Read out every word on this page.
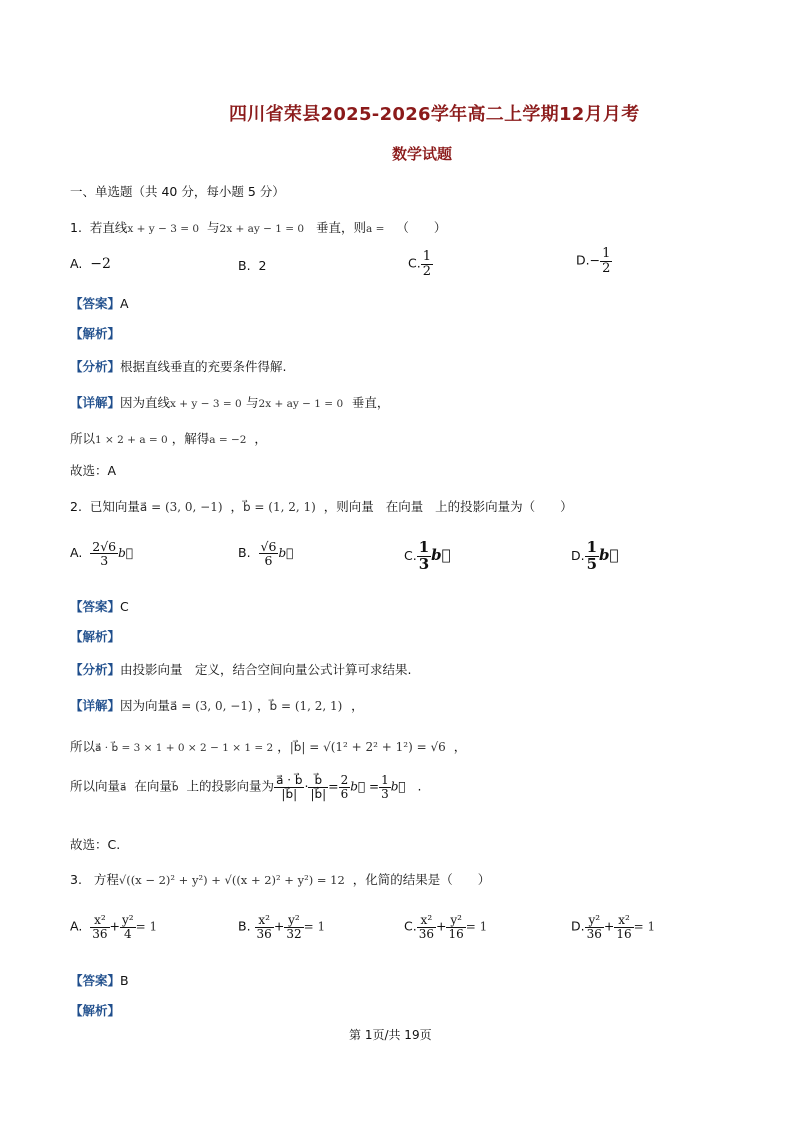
四川省荣县2025-2026学年高二上学期12月月考
数学试题
一、单选题（共 40 分，每小题 5 分）
1. 若直线x + y − 3 = 0 与2x + ay − 1 = 0 垂直，则a = （　　）
A. −2	B. 2	C. $\frac{1}{2}$	$D.- \frac{1}{2}$
【答案】A
【解析】
【分析】根据直线垂直的充要条件得解.
【详解】因为直线x + y − 3 = 0 与2x + ay − 1 = 0 垂直，
所以1 × 2 + a = 0 ，解得a = −2 ，
故选：A
2. 已知向量a⃗ = (3, 0, −1) ，b⃗ = (1, 2, 1) ，则向量 在向量 上的投影向量为（　　）
A. $\frac{2√6}{3}$ b⃗	B. $\frac{√6}{6}$ b⃗	C. $\frac{1}{3}$ b⃗	D. $\frac{1}{5}$ b⃗
【答案】C
【解析】
【分析】由投影向量　定义，结合空间向量公式计算可求结果.
【详解】因为向量a⃗ = (3, 0, −1) ，b⃗ = (1, 2, 1) ，
所以a⃗ · b⃗ = 3 × 1 + 0 × 2 − 1 × 1 = 2 ，|b⃗| = √(1² + 2² + 1²) = √6 ，
所以向量a⃗ 在向量b⃗ 上的投影向量为 $\frac{a⃗ \cdot b⃗}{|b⃗|} \cdot \frac{b⃗}{|b⃗|} = \frac{2}{6}$ b⃗ = $\frac{1}{3}$ b⃗ .
故选：C.
3. 方程√((x − 2)² + y²) + √((x + 2)² + y²) = 12 ，化简的结果是（　　）
A. $\frac{\text{x²}}{36} + \frac{\text{y²}}{4} = 1$	B. $\frac{\text{x²}}{36} + \frac{\text{y²}}{32} = 1$	C. $\frac{\text{x²}}{36} + \frac{\text{y²}}{16} = 1$	D. $\frac{\text{y²}}{36} + \frac{\text{x²}}{16} = 1$
【答案】B
【解析】
第 1页/共 19页
